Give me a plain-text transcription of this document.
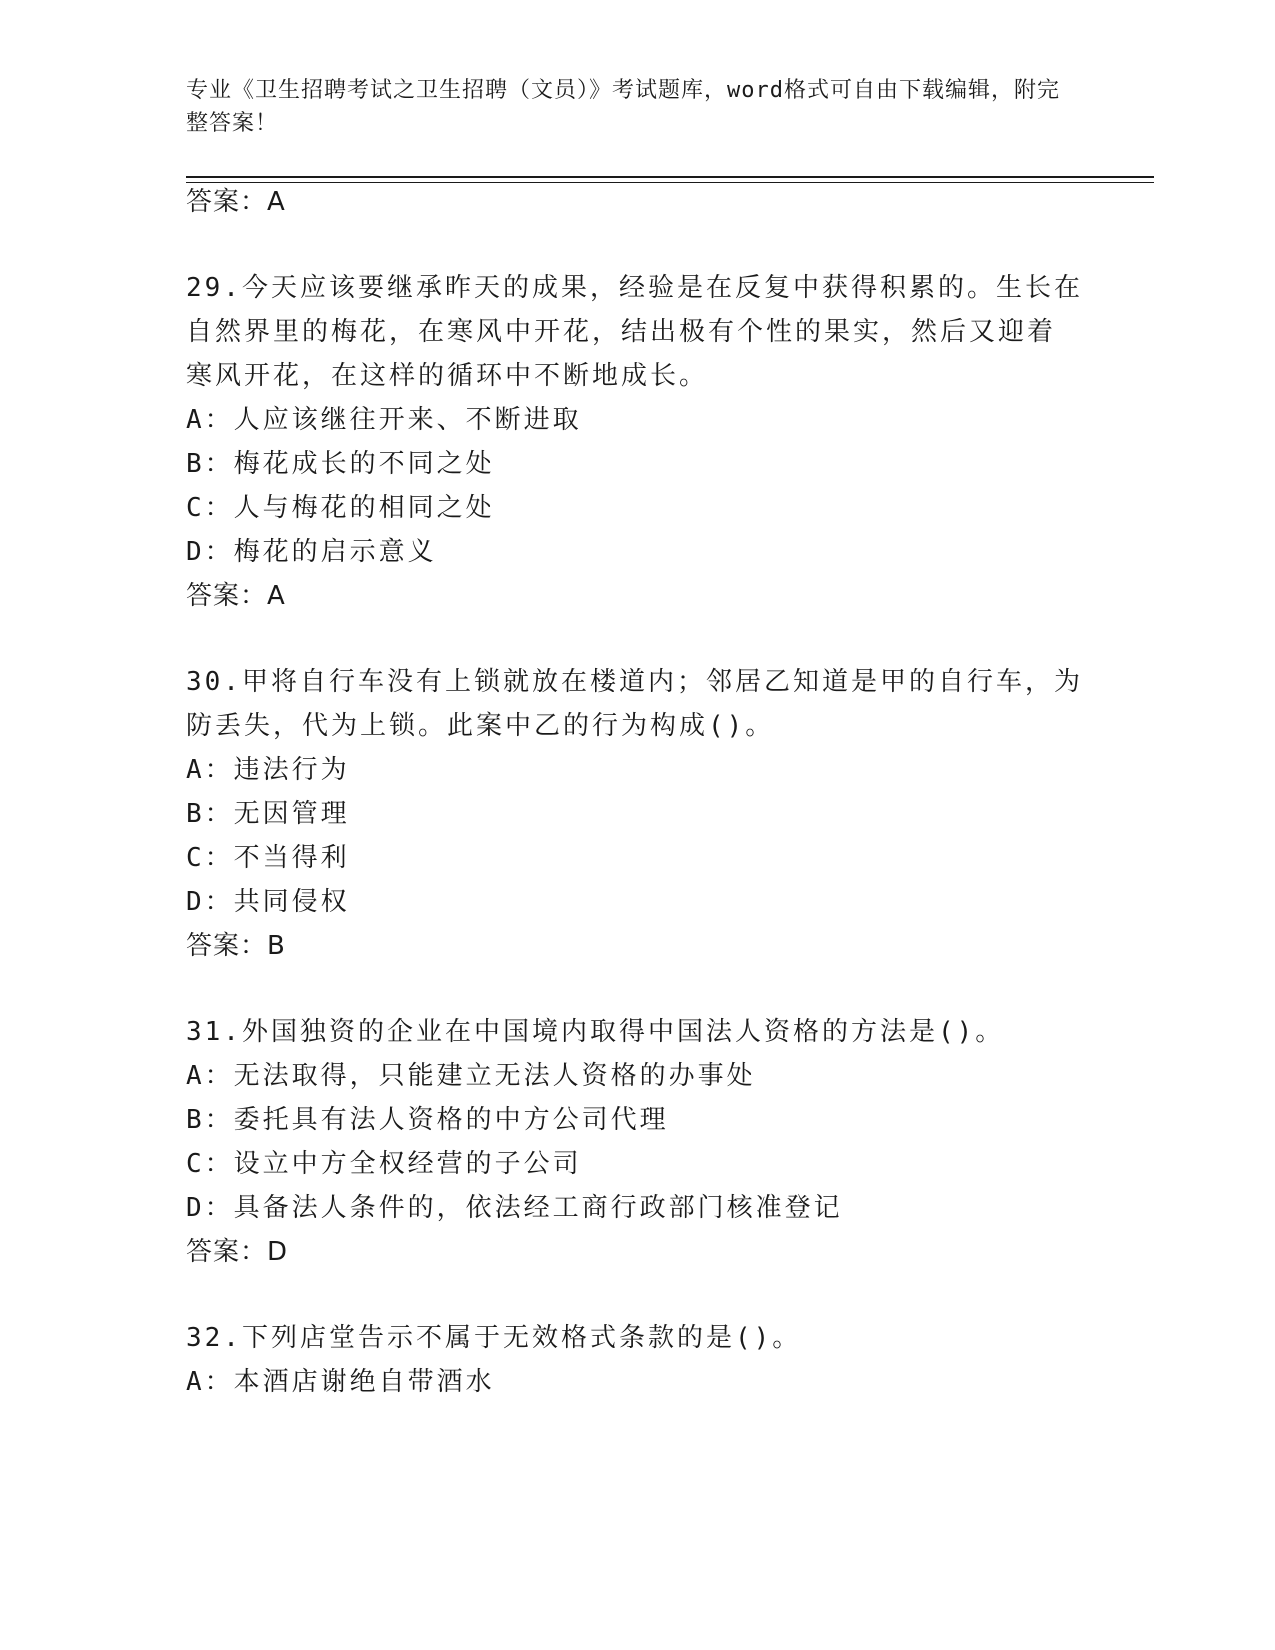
专业《卫生招聘考试之卫生招聘（文员）》考试题库，word格式可自由下载编辑，附完整答案！
答案：A
29.今天应该要继承昨天的成果，经验是在反复中获得积累的。生长在
自然界里的梅花，在寒风中开花，结出极有个性的果实，然后又迎着
寒风开花，在这样的循环中不断地成长。
A：人应该继往开来、不断进取
B：梅花成长的不同之处
C：人与梅花的相同之处
D：梅花的启示意义
答案：A
30.甲将自行车没有上锁就放在楼道内；邻居乙知道是甲的自行车，为
防丢失，代为上锁。此案中乙的行为构成()。
A：违法行为
B：无因管理
C：不当得利
D：共同侵权
答案：B
31.外国独资的企业在中国境内取得中国法人资格的方法是()。
A：无法取得，只能建立无法人资格的办事处
B：委托具有法人资格的中方公司代理
C：设立中方全权经营的子公司
D：具备法人条件的，依法经工商行政部门核准登记
答案：D
32.下列店堂告示不属于无效格式条款的是()。
A：本酒店谢绝自带酒水
